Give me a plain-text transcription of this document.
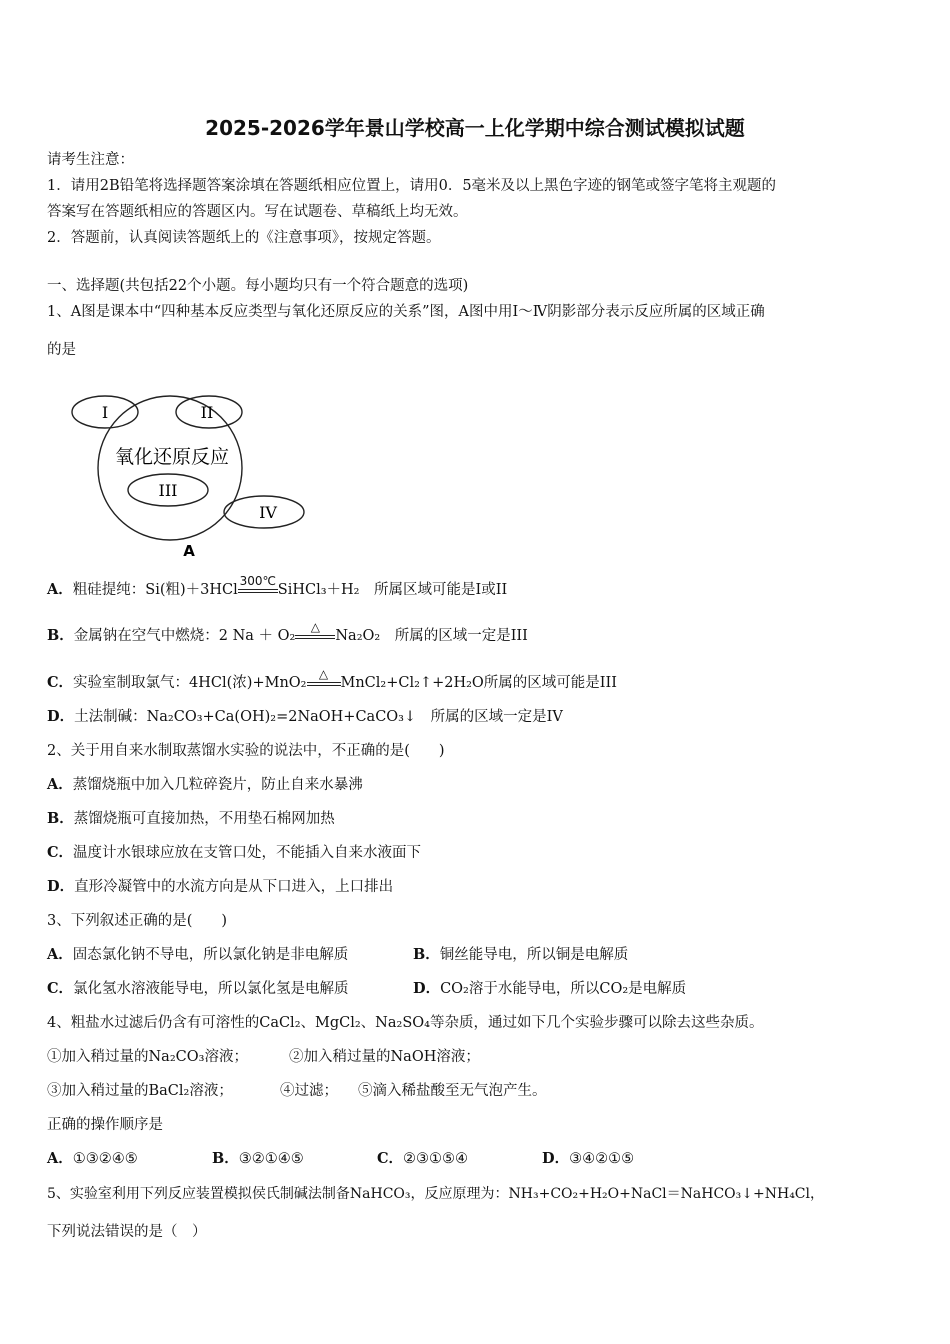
2025-2026学年景山学校高一上化学期中综合测试模拟试题
请考生注意：
1．请用2B铅笔将选择题答案涂填在答题纸相应位置上，请用0．5毫米及以上黑色字迹的钢笔或签字笔将主观题的
答案写在答题纸相应的答题区内。写在试题卷、草稿纸上均无效。
2．答题前，认真阅读答题纸上的《注意事项》，按规定答题。
一、选择题(共包括22个小题。每小题均只有一个符合题意的选项)
1、A图是课本中“四种基本反应类型与氧化还原反应的关系”图，A图中用Ⅰ～Ⅳ阴影部分表示反应所属的区域正确
的是
I	II
氧化还原反应
III
IV
A
A．粗硅提纯：Si(粗)＋3HCl
300℃
SiHCl₃＋H₂　所属区域可能是Ⅰ或II
B．金属钠在空气中燃烧：2 Na ＋ O₂
△
Na₂O₂　所属的区域一定是III
C．实验室制取氯气：4HCl(浓)+MnO₂
△
MnCl₂+Cl₂↑+2H₂O所属的区域可能是III
D．土法制碱：Na₂CO₃+Ca(OH)₂=2NaOH+CaCO₃↓　所属的区域一定是IV
2、关于用自来水制取蒸馏水实验的说法中，不正确的是(　　)
A．蒸馏烧瓶中加入几粒碎瓷片，防止自来水暴沸
B．蒸馏烧瓶可直接加热，不用垫石棉网加热
C．温度计水银球应放在支管口处，不能插入自来水液面下
D．直形冷凝管中的水流方向是从下口进入，上口排出
3、下列叙述正确的是(　　)
A．固态氯化钠不导电，所以氯化钠是非电解质	B．铜丝能导电，所以铜是电解质
C．氯化氢水溶液能导电，所以氯化氢是电解质	D．CO₂溶于水能导电，所以CO₂是电解质
4、粗盐水过滤后仍含有可溶性的CaCl₂、MgCl₂、Na₂SO₄等杂质，通过如下几个实验步骤可以除去这些杂质。
①加入稍过量的Na₂CO₃溶液；	②加入稍过量的NaOH溶液；
③加入稍过量的BaCl₂溶液；	④过滤； ⑤滴入稀盐酸至无气泡产生。
正确的操作顺序是
A．①③②④⑤	B．③②①④⑤	C．②③①⑤④	D．③④②①⑤
5、实验室利用下列反应装置模拟侯氏制碱法制备NaHCO₃，反应原理为：NH₃+CO₂+H₂O+NaCl＝NaHCO₃↓+NH₄Cl，
下列说法错误的是（　）
